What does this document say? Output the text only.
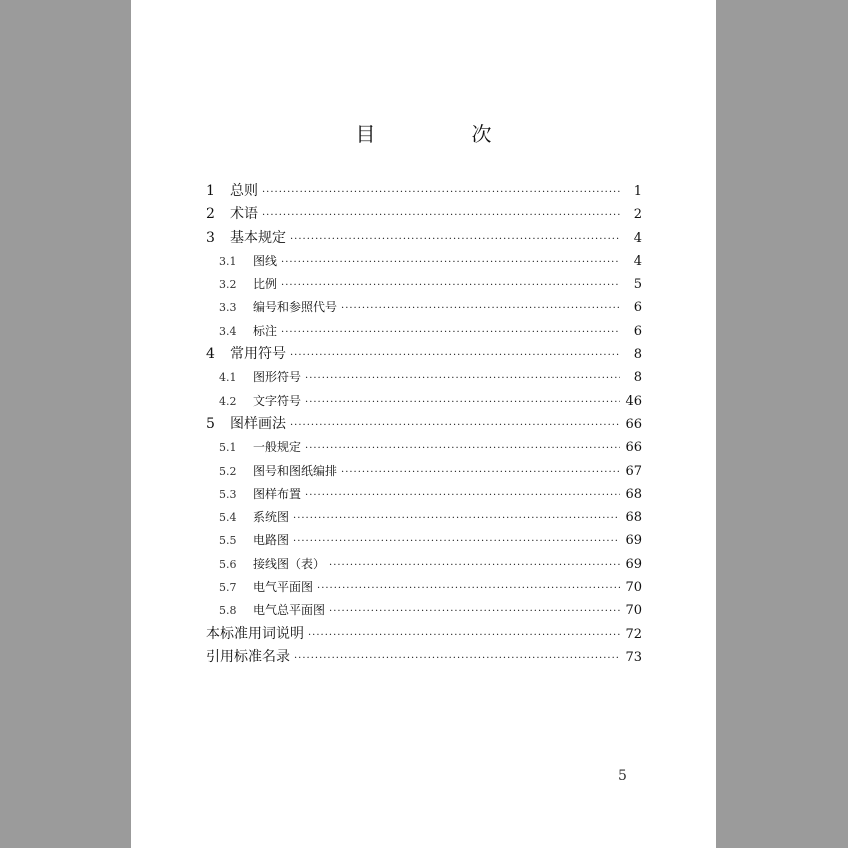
目　次
1	总则 ·····	1
2	术语 ·····	2
3	基本规定 ·····	4
3.1	图线 ·····	4
3.2	比例 ·····	5
3.3	编号和参照代号 ·····	6
3.4	标注 ·····	6
4	常用符号 ·····	8
4.1	图形符号 ·····	8
4.2	文字符号 ·····	46
5	图样画法 ·····	66
5.1	一般规定 ·····	66
5.2	图号和图纸编排 ·····	67
5.3	图样布置 ·····	68
5.4	系统图 ·····	68
5.5	电路图 ·····	69
5.6	接线图（表） ·····	69
5.7	电气平面图 ·····	70
5.8	电气总平面图 ·····	70
本标准用词说明 ·····	72
引用标准名录 ·····	73
5
